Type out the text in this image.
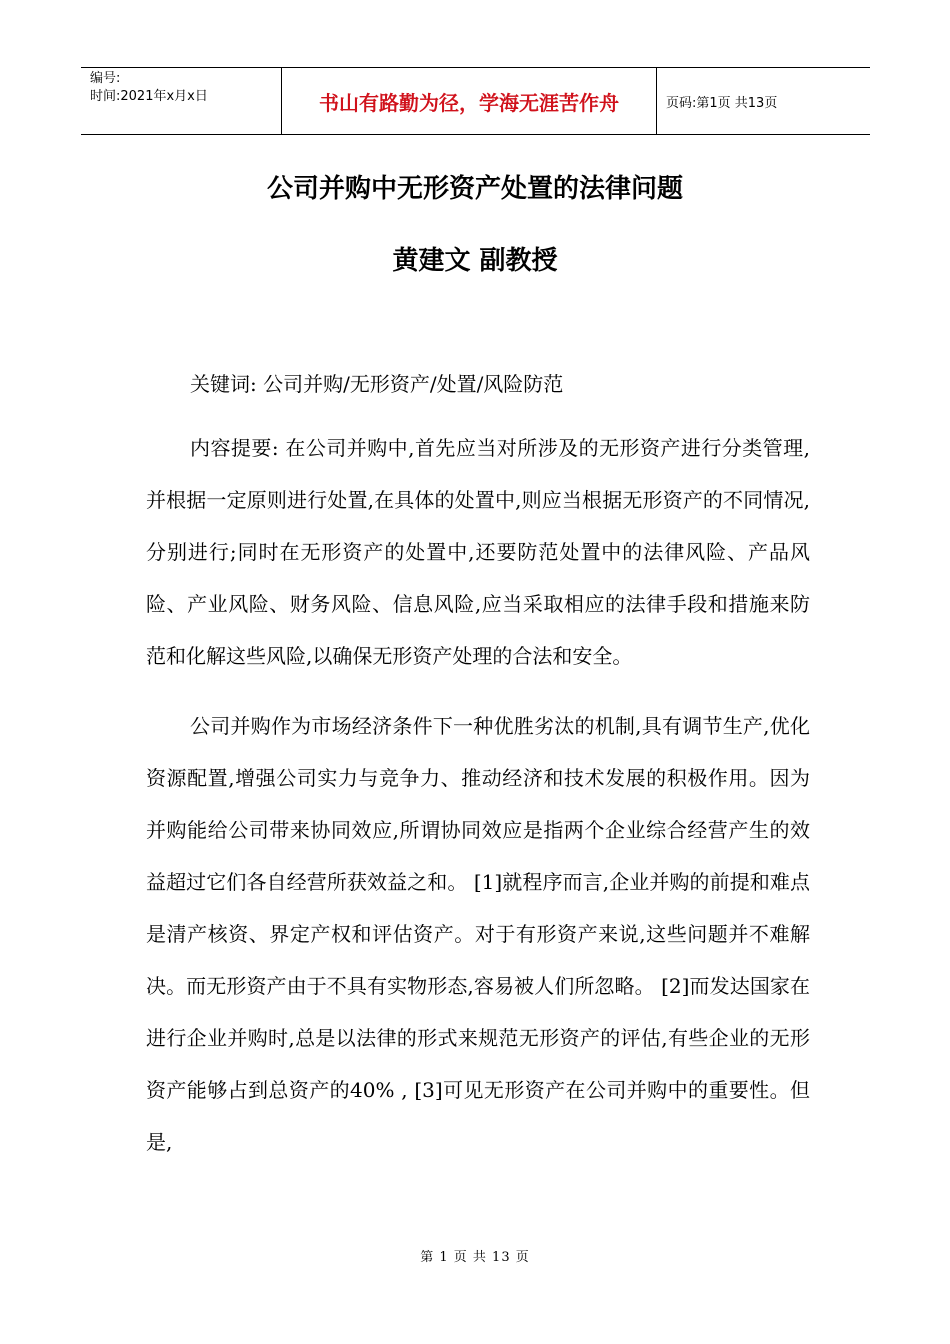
编号:
时间:2021年x月x日	书山有路勤为径，学海无涯苦作舟	页码:第1页 共13页
公司并购中无形资产处置的法律问题
黄建文 副教授

关键词: 公司并购/无形资产/处置/风险防范

内容提要: 在公司并购中,首先应当对所涉及的无形资产进行分类管理,并根据一定原则进行处置,在具体的处置中,则应当根据无形资产的不同情况,分别进行;同时在无形资产的处置中,还要防范处置中的法律风险、产品风险、产业风险、财务风险、信息风险,应当采取相应的法律手段和措施来防范和化解这些风险,以确保无形资产处理的合法和安全。

公司并购作为市场经济条件下一种优胜劣汰的机制,具有调节生产,优化资源配置,增强公司实力与竞争力、推动经济和技术发展的积极作用。因为并购能给公司带来协同效应,所谓协同效应是指两个企业综合经营产生的效益超过它们各自经营所获效益之和。 [1]就程序而言,企业并购的前提和难点是清产核资、界定产权和评估资产。对于有形资产来说,这些问题并不难解决。而无形资产由于不具有实物形态,容易被人们所忽略。 [2]而发达国家在进行企业并购时,总是以法律的形式来规范无形资产的评估,有些企业的无形资产能够占到总资产的40% , [3]可见无形资产在公司并购中的重要性。但是,

第 1 页 共 13 页
